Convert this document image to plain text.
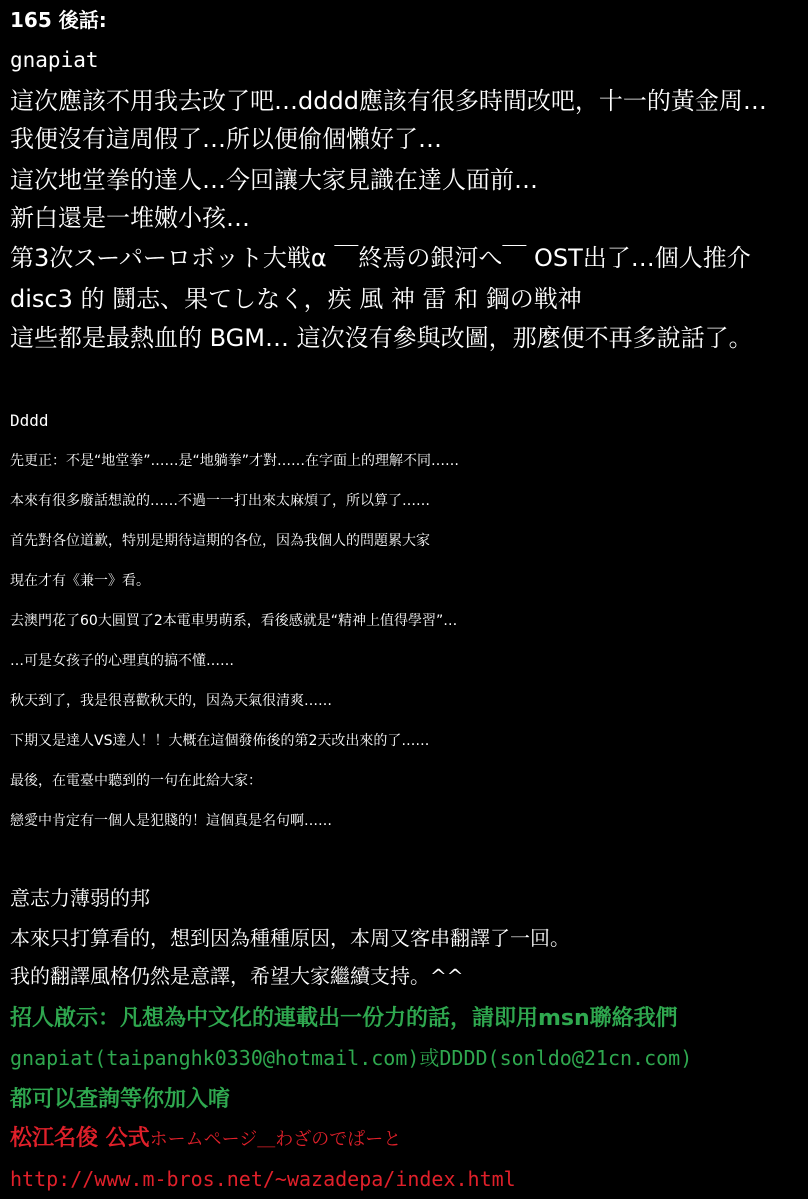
165 後話:
gnapiat
這次應該不用我去改了吧…dddd應該有很多時間改吧，十一的黃金周…
我便沒有這周假了…所以便偷個懶好了…
這次地堂拳的達人…今回讓大家見識在達人面前…
新白還是一堆嫩小孩…
第3次スーパーロボット大戦α ￣終焉の銀河へ￣ OST出了…個人推介
disc3 的 鬪志、果てしなく，疾 風 神 雷 和 鋼の戦神
這些都是最熱血的 BGM… 這次沒有參與改圖，那麼便不再多說話了。
Dddd
先更正：不是“地堂拳”……是“地躺拳”才對……在字面上的理解不同……
本來有很多廢話想說的……不過一一打出來太麻煩了，所以算了……
首先對各位道歉，特別是期待這期的各位，因為我個人的問題累大家
現在才有《兼一》看。
去澳門花了60大圓買了2本電車男萌系，看後感就是“精神上值得學習”…
…可是女孩子的心理真的搞不懂……
秋天到了，我是很喜歡秋天的，因為天氣很清爽……
下期又是達人VS達人！！大概在這個發佈後的第2天改出來的了……
最後，在電臺中聽到的一句在此給大家：
戀愛中肯定有一個人是犯賤的！這個真是名句啊……
意志力薄弱的邦
本來只打算看的，想到因為種種原因，本周又客串翻譯了一回。
我的翻譯風格仍然是意譯，希望大家繼續支持。^^
招人啟示：凡想為中文化的連載出一份力的話，請即用msn聯絡我們
gnapiat(taipanghk0330@hotmail.com)或DDDD(sonldo@21cn.com)
都可以查詢等你加入唷
松江名俊 公式ホームページ＿わざのでぱーと
http://www.m-bros.net/~wazadepa/index.html
